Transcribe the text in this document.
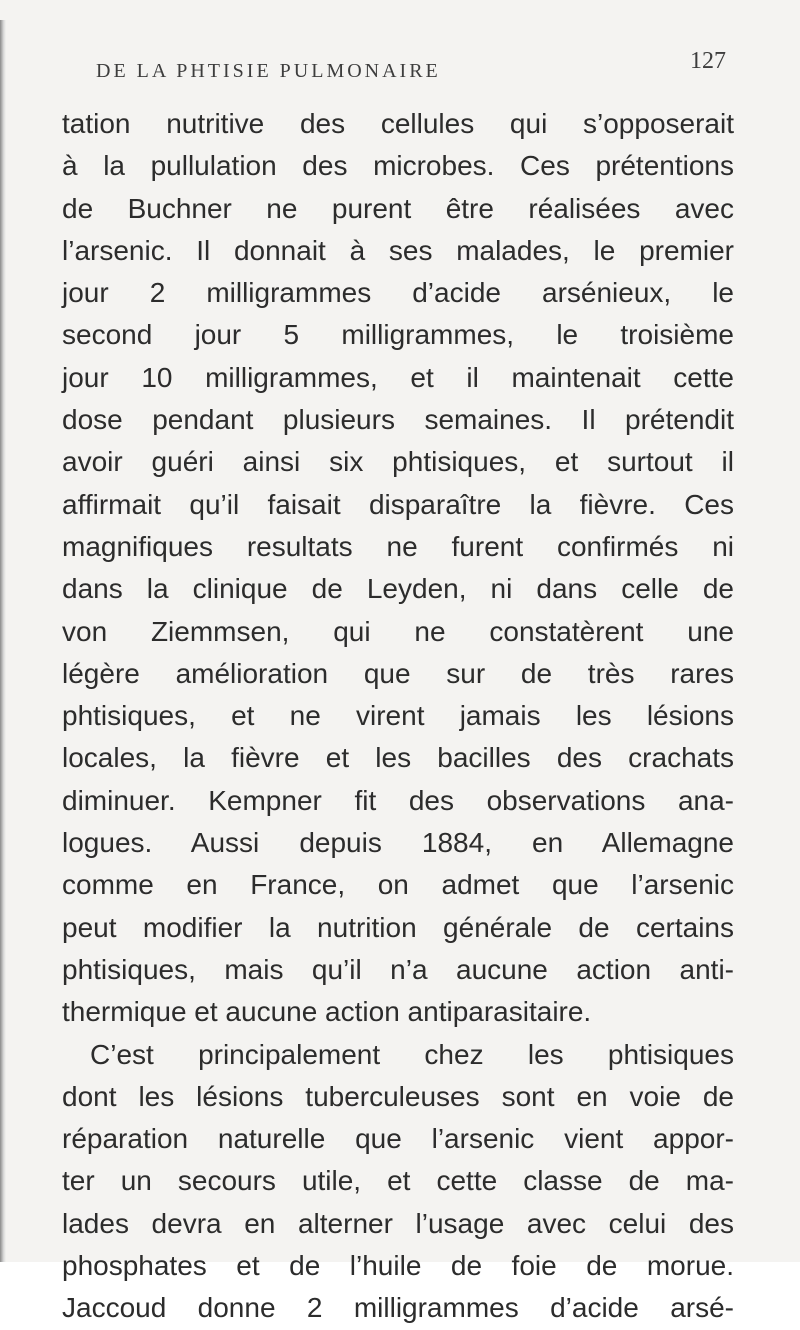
DE LA PHTISIE PULMONAIRE	127
tation nutritive des cellules qui s’opposerait
à la pullulation des microbes. Ces prétentions
de Buchner ne purent être réalisées avec
l’arsenic. Il donnait à ses malades, le premier
jour 2 milligrammes d’acide arsénieux, le
second jour 5 milligrammes, le troisième
jour 10 milligrammes, et il maintenait cette
dose pendant plusieurs semaines. Il prétendit
avoir guéri ainsi six phtisiques, et surtout il
affirmait qu’il faisait disparaître la fièvre. Ces
magnifiques resultats ne furent confirmés ni
dans la clinique de Leyden, ni dans celle de
von Ziemmsen, qui ne constatèrent une
légère amélioration que sur de très rares
phtisiques, et ne virent jamais les lésions
locales, la fièvre et les bacilles des crachats
diminuer. Kempner fit des observations ana-
logues. Aussi depuis 1884, en Allemagne
comme en France, on admet que l’arsenic
peut modifier la nutrition générale de certains
phtisiques, mais qu’il n’a aucune action anti-
thermique et aucune action antiparasitaire.
C’est principalement chez les phtisiques
dont les lésions tuberculeuses sont en voie de
réparation naturelle que l’arsenic vient appor-
ter un secours utile, et cette classe de ma-
lades devra en alterner l’usage avec celui des
phosphates et de l’huile de foie de morue.
Jaccoud donne 2 milligrammes d’acide arsé-
